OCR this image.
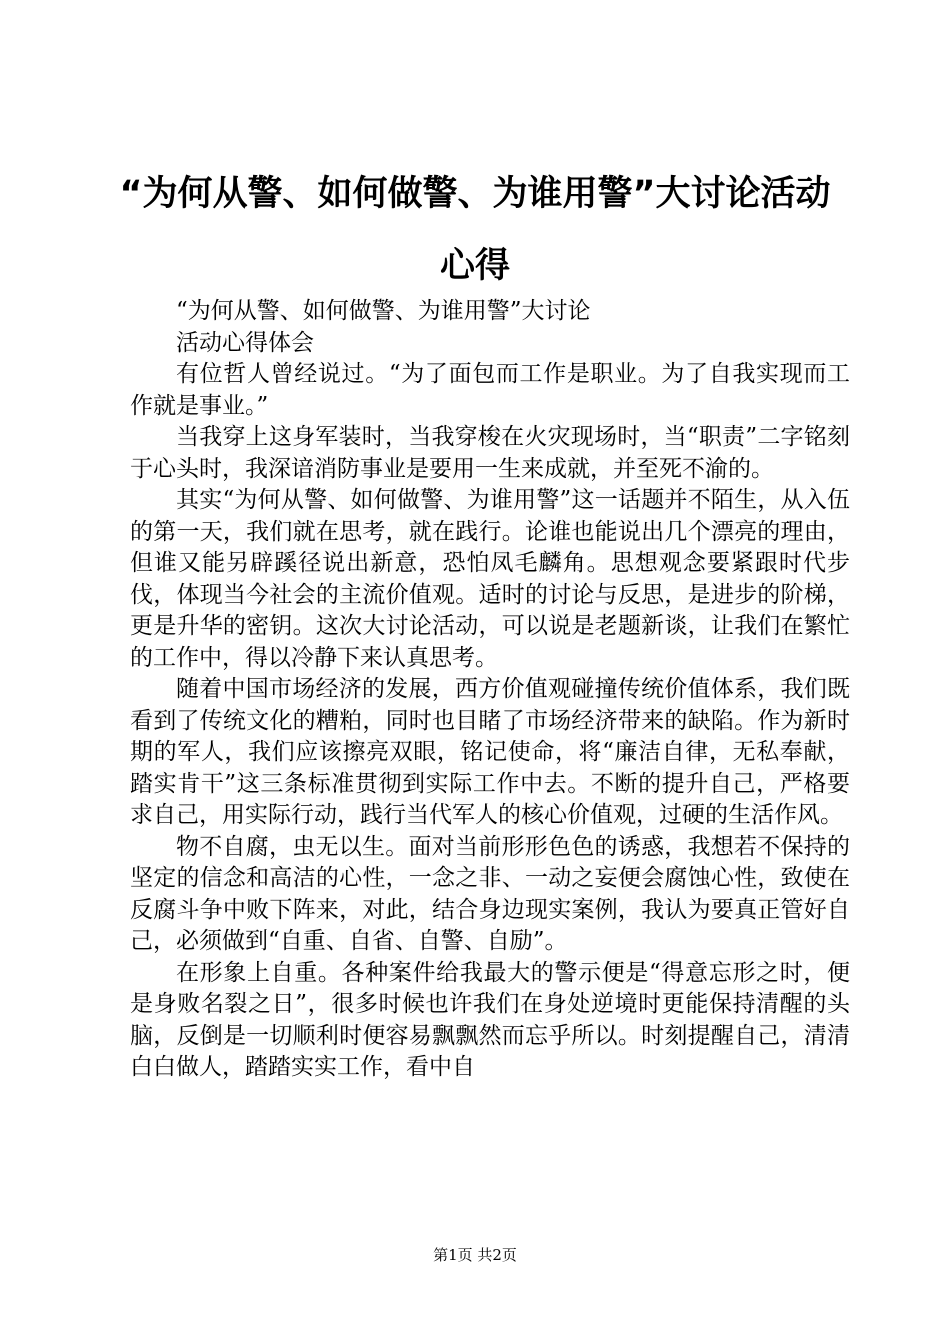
“为何从警、如何做警、为谁用警”大讨论活动心得

“为何从警、如何做警、为谁用警”大讨论

活动心得体会

有位哲人曾经说过。“为了面包而工作是职业。为了自我实现而工作就是事业。”

当我穿上这身军装时，当我穿梭在火灾现场时，当“职责”二字铭刻于心头时，我深谙消防事业是要用一生来成就，并至死不渝的。

其实“为何从警、如何做警、为谁用警”这一话题并不陌生，从入伍的第一天，我们就在思考，就在践行。论谁也能说出几个漂亮的理由，但谁又能另辟蹊径说出新意，恐怕凤毛麟角。思想观念要紧跟时代步伐，体现当今社会的主流价值观。适时的讨论与反思，是进步的阶梯，更是升华的密钥。这次大讨论活动，可以说是老题新谈，让我们在繁忙的工作中，得以冷静下来认真思考。

随着中国市场经济的发展，西方价值观碰撞传统价值体系，我们既看到了传统文化的糟粕，同时也目睹了市场经济带来的缺陷。作为新时期的军人，我们应该擦亮双眼，铭记使命，将“廉洁自律，无私奉献，踏实肯干”这三条标准贯彻到实际工作中去。不断的提升自己，严格要求自己，用实际行动，践行当代军人的核心价值观，过硬的生活作风。

物不自腐，虫无以生。面对当前形形色色的诱惑，我想若不保持的坚定的信念和高洁的心性，一念之非、一动之妄便会腐蚀心性，致使在反腐斗争中败下阵来，对此，结合身边现实案例，我认为要真正管好自己，必须做到“自重、自省、自警、自励”。

在形象上自重。各种案件给我最大的警示便是“得意忘形之时，便是身败名裂之日”，很多时候也许我们在身处逆境时更能保持清醒的头脑，反倒是一切顺利时便容易飘飘然而忘乎所以。时刻提醒自己，清清白白做人，踏踏实实工作，看中自

第1页 共2页
